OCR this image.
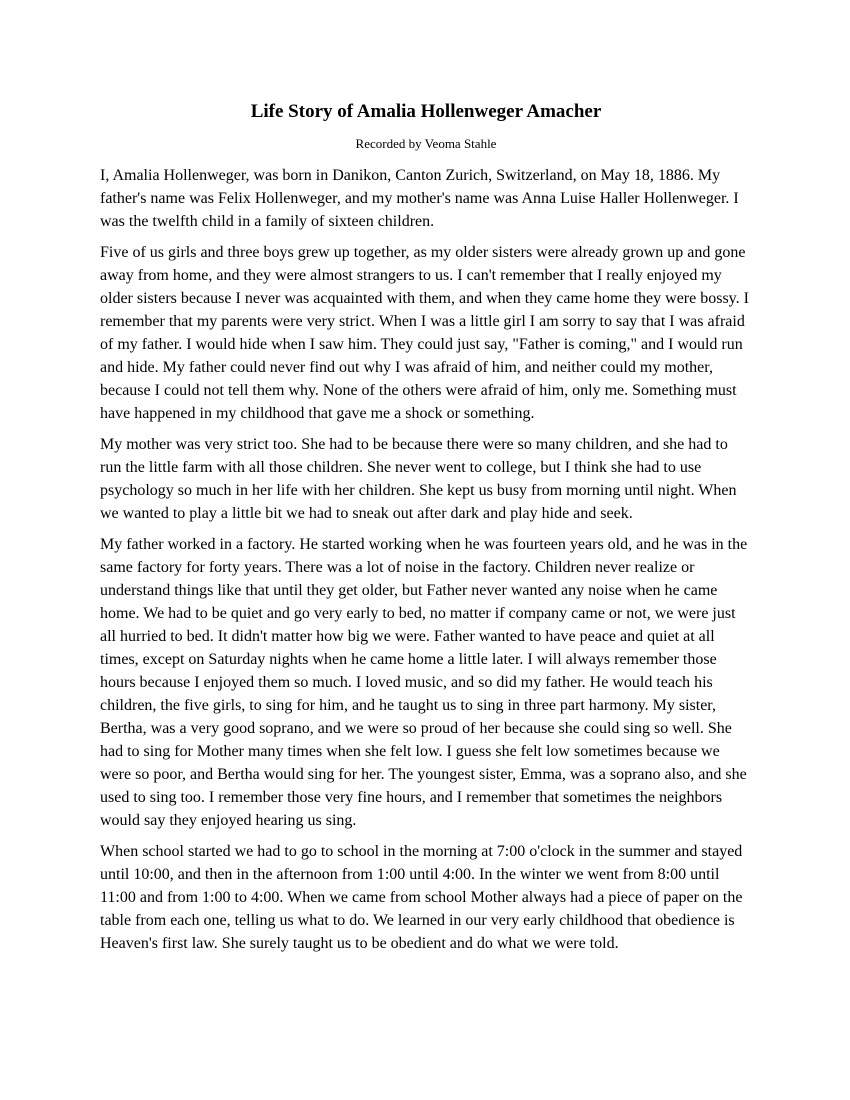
Life Story of Amalia Hollenweger Amacher

Recorded by Veoma Stahle

I, Amalia Hollenweger, was born in Danikon, Canton Zurich, Switzerland, on May 18, 1886. My father's name was Felix Hollenweger, and my mother's name was Anna Luise Haller Hollenweger. I was the twelfth child in a family of sixteen children.

Five of us girls and three boys grew up together, as my older sisters were already grown up and gone away from home, and they were almost strangers to us. I can't remember that I really enjoyed my older sisters because I never was acquainted with them, and when they came home they were bossy. I remember that my parents were very strict. When I was a little girl I am sorry to say that I was afraid of my father. I would hide when I saw him. They could just say, "Father is coming," and I would run and hide. My father could never find out why I was afraid of him, and neither could my mother, because I could not tell them why. None of the others were afraid of him, only me. Something must have happened in my childhood that gave me a shock or something.

My mother was very strict too. She had to be because there were so many children, and she had to run the little farm with all those children. She never went to college, but I think she had to use psychology so much in her life with her children. She kept us busy from morning until night. When we wanted to play a little bit we had to sneak out after dark and play hide and seek.

My father worked in a factory. He started working when he was fourteen years old, and he was in the same factory for forty years. There was a lot of noise in the factory. Children never realize or understand things like that until they get older, but Father never wanted any noise when he came home. We had to be quiet and go very early to bed, no matter if company came or not, we were just all hurried to bed. It didn't matter how big we were. Father wanted to have peace and quiet at all times, except on Saturday nights when he came home a little later. I will always remember those hours because I enjoyed them so much. I loved music, and so did my father. He would teach his children, the five girls, to sing for him, and he taught us to sing in three part harmony. My sister, Bertha, was a very good soprano, and we were so proud of her because she could sing so well. She had to sing for Mother many times when she felt low. I guess she felt low sometimes because we were so poor, and Bertha would sing for her. The youngest sister, Emma, was a soprano also, and she used to sing too. I remember those very fine hours, and I remember that sometimes the neighbors would say they enjoyed hearing us sing.

When school started we had to go to school in the morning at 7:00 o'clock in the summer and stayed until 10:00, and then in the afternoon from 1:00 until 4:00. In the winter we went from 8:00 until 11:00 and from 1:00 to 4:00. When we came from school Mother always had a piece of paper on the table from each one, telling us what to do. We learned in our very early childhood that obedience is Heaven's first law. She surely taught us to be obedient and do what we were told.
